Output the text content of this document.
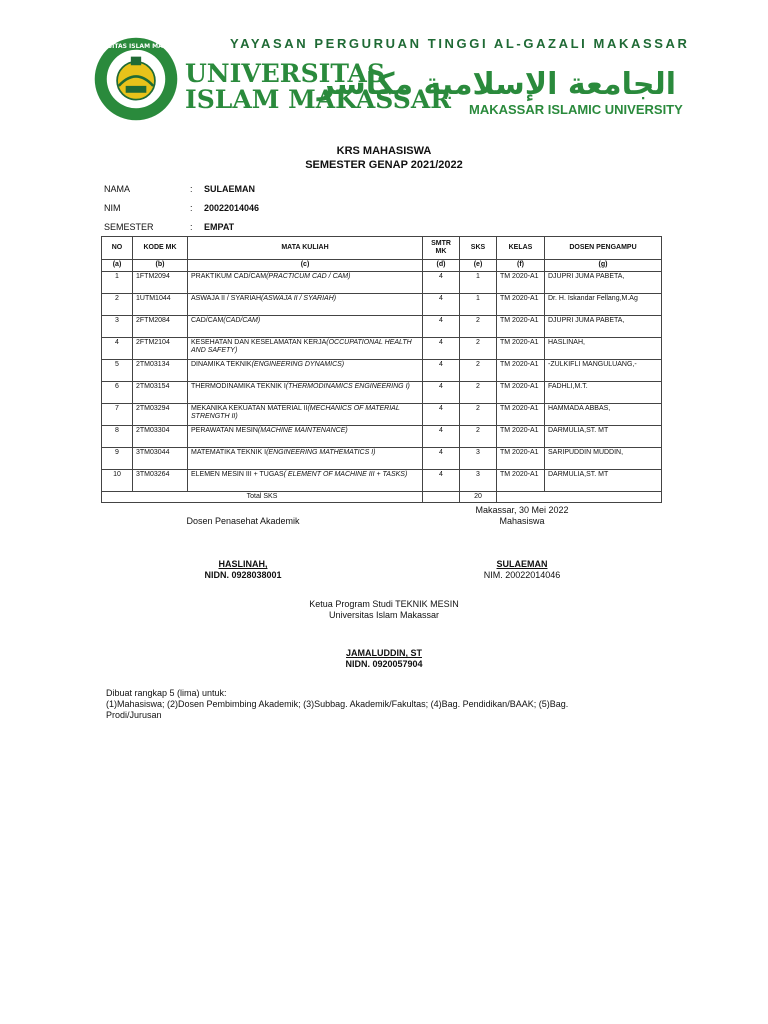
UNIVERSITAS ISLAM MAKASSAR	YAYASAN PERGURUAN TINGGI AL-GAZALI MAKASSAR
UNIVERSITAS
ISLAM MAKASSAR
الجامعة الإسلامية مكاسر
MAKASSAR ISLAMIC UNIVERSITY
KRS MAHASISWA
SEMESTER GENAP 2021/2022
NAMA	: SULAEMAN
NIM	: 20022014046
SEMESTER	: EMPAT
NO	KODE MK	MATA KULIAH	SMTR MK	SKS	KELAS	DOSEN PENGAMPU
(a)	(b)	(c)	(d)	(e)	(f)	(g)
1	1FTM2094	PRAKTIKUM CAD/CAM(PRACTICUM CAD / CAM)	4	1	TM 2020-A1	DJUPRI JUMA PABETA,
2	1UTM1044	ASWAJA II / SYARIAH(ASWAJA II / SYARIAH)	4	1	TM 2020-A1	Dr. H. Iskandar Fellang,M.Ag
3	2FTM2084	CAD/CAM(CAD/CAM)	4	2	TM 2020-A1	DJUPRI JUMA PABETA,
4	2FTM2104	KESEHATAN DAN KESELAMATAN KERJA(OCCUPATIONAL HEALTH AND SAFETY)	4	2	TM 2020-A1	HASLINAH,
5	2TM03134	DINAMIKA TEKNIK(ENGINEERING DYNAMICS)	4	2	TM 2020-A1	-ZULKIFLI MANGULUANG,-
6	2TM03154	THERMODINAMIKA TEKNIK I(THERMODINAMICS ENGINEERING I)	4	2	TM 2020-A1	FADHLI,M.T.
7	2TM03294	MEKANIKA KEKUATAN MATERIAL II(MECHANICS OF MATERIAL STRENGTH II)	4	2	TM 2020-A1	HAMMADA ABBAS,
8	2TM03304	PERAWATAN MESIN(MACHINE MAINTENANCE)	4	2	TM 2020-A1	DARMULIA,ST. MT
9	3TM03044	MATEMATIKA TEKNIK I(ENGINEERING MATHEMATICS I)	4	3	TM 2020-A1	SARIPUDDIN MUDDIN,
10	3TM03264	ELEMEN MESIN III + TUGAS( ELEMENT OF MACHINE III + TASKS)	4	3	TM 2020-A1	DARMULIA,ST. MT
Total SKS				20		
Makassar, 30 Mei 2022
Mahasiswa
Dosen Penasehat Akademik
HASLINAH,
NIDN. 0928038001
SULAEMAN
NIM. 20022014046
Ketua Program Studi TEKNIK MESIN
Universitas Islam Makassar
JAMALUDDIN, ST
NIDN. 0920057904
Dibuat rangkap 5 (lima) untuk:
(1)Mahasiswa; (2)Dosen Pembimbing Akademik; (3)Subbag. Akademik/Fakultas; (4)Bag. Pendidikan/BAAK; (5)Bag. Prodi/Jurusan
